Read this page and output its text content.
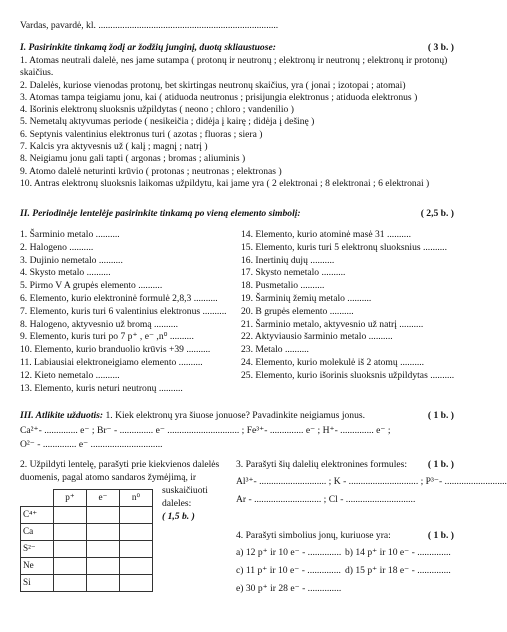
Vardas, pavardė, kl. ...........................................................................
I. Pasirinkite tinkamą žodį ar žodžių junginį, duotą skliaustuose:	( 3 b. )
1. Atomas neutrali dalelė, nes jame sutampa ( protonų ir neutronų ; elektronų ir neutronų ; elektronų ir protonų)
skaičius.
2. Dalelės, kuriose vienodas protonų, bet skirtingas neutronų skaičius, yra ( jonai ; izotopai ; atomai)
3. Atomas tampa teigiamu jonu, kai ( atiduoda neutronus ; prisijungia elektronus ; atiduoda elektronus )
4. Išorinis elektronų sluoksnis užpildytas ( neono ; chloro ; vandenilio )
5. Nemetalų aktyvumas periode ( nesikeičia ; didėja į kairę ; didėja į dešinę )
6. Septynis valentinius elektronus turi ( azotas ; fluoras ; siera )
7. Kalcis yra aktyvesnis už ( kalį ; magnį ; natrį )
8. Neigiamu jonu gali tapti ( argonas ; bromas ; aliuminis )
9. Atomo dalelė neturinti krūvio ( protonas ; neutronas ; elektronas )
10. Antras elektronų sluoksnis laikomas užpildytu, kai jame yra ( 2 elektronai ; 8 elektronai ; 6 elektronai )
II. Periodinėje lentelėje pasirinkite tinkamą po vieną elemento simbolį:	( 2,5 b. )
1. Šarminio metalo ..........
2. Halogeno ..........
3. Dujinio nemetalo ..........
4. Skysto metalo ..........
5. Pirmo V A grupės elemento ..........
6. Elemento, kurio elektroninė formulė 2,8,3 ..........
7. Elemento, kuris turi 6 valentinius elektronus ..........
8. Halogeno, aktyvesnio už bromą ..........
9. Elemento, kuris turi po 7 p⁺ , e⁻ ,n⁰ ..........
10. Elemento, kurio branduolio krūvis +39 ..........
11. Labiausiai elektroneigiamo elemento ..........
12. Kieto nemetalo ..........
13. Elemento, kuris neturi neutronų ..........
14. Elemento, kurio atominė masė 31 ..........
15. Elemento, kuris turi 5 elektronų sluoksnius ..........
16. Inertinių dujų ..........
17. Skysto nemetalo ..........
18. Pusmetalio ..........
19. Šarminių žemių metalo ..........
20. B grupės elemento ..........
21. Šarminio metalo, aktyvesnio už natrį ..........
22. Aktyviausio šarminio metalo ..........
23. Metalo ..........
24. Elemento, kurio molekulė iš 2 atomų ..........
25. Elemento, kurio išorinis sluoksnis užpildytas ..........
III. Atlikite užduotis: 1. Kiek elektronų yra šiuose jonuose? Pavadinkite neigiamus jonus.	( 1 b. )
Ca²⁺- .............. e⁻ ; Br⁻ - .............. e⁻ .............................. ; Fe³⁺- .............. e⁻ ; H⁺- .............. e⁻ ;
O²⁻ - .............. e⁻ ..............................
2. Užpildyti lentelę, parašyti prie kiekvienos dalelės
duomenis, pagal atomo sandaros žymėjimą, ir
suskaičiuoti
daleles:
( 1,5 b. )
	p⁺	e⁻	n⁰
C⁴⁺			
Ca			
S²⁻			
Ne			
Si			
3. Parašyti šių dalelių elektronines formules: ( 1 b. )
Al³⁺- ............................ ; K - ............................. ; P³⁻- ..........................
Ar - ............................ ; Cl - .............................
4. Parašyti simbolius jonų, kuriuose yra:	( 1 b. )
a) 12 p⁺ ir 10 e⁻ - .............. b) 14 p⁺ ir 10 e⁻ - ..............
c) 11 p⁺ ir 10 e⁻ - .............. d) 15 p⁺ ir 18 e⁻ - ..............
e) 30 p⁺ ir 28 e⁻ - ..............
